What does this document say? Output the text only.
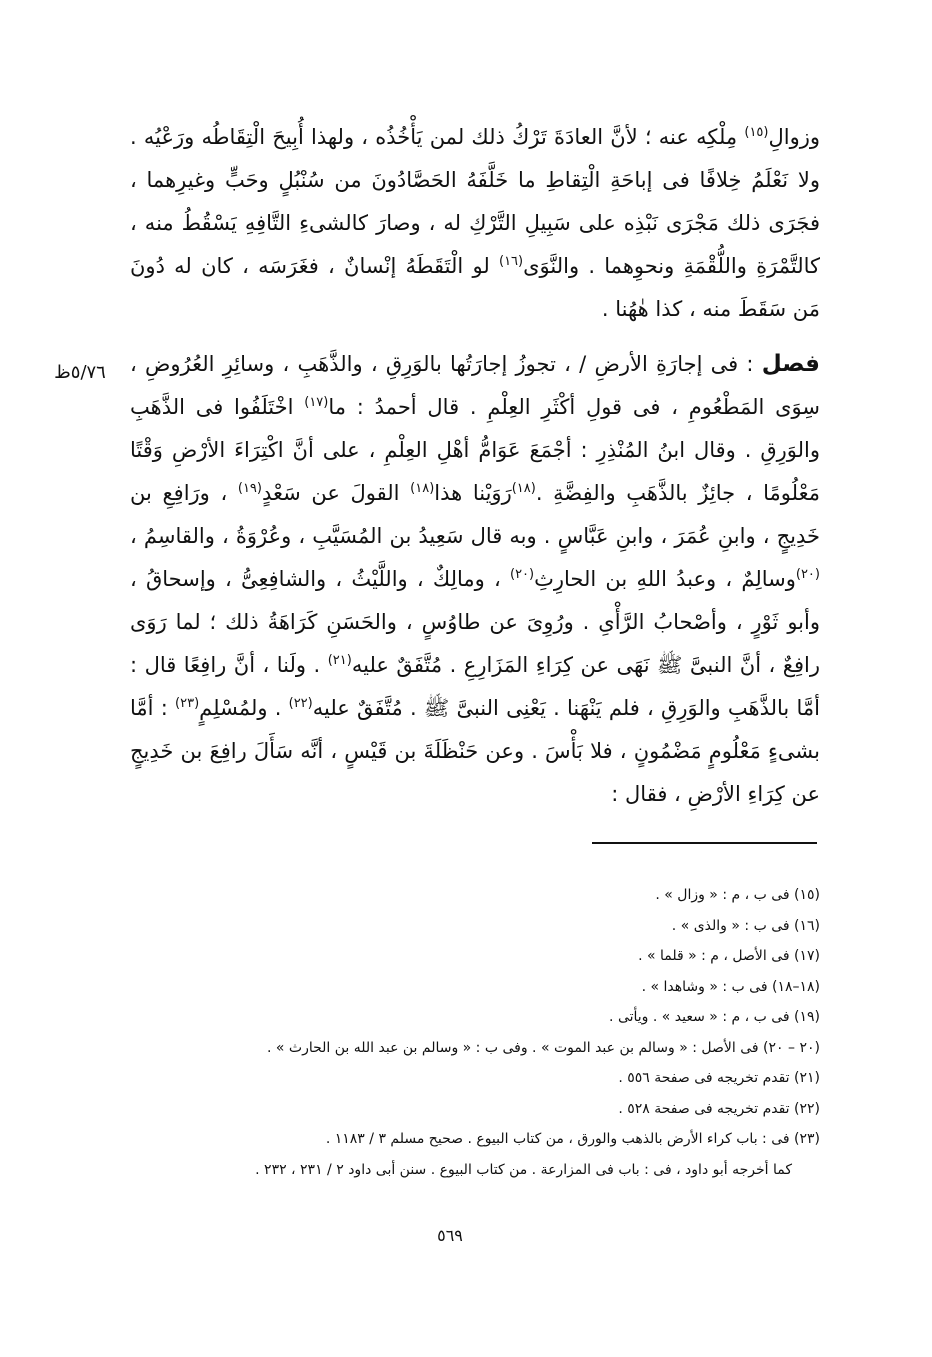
وزوالِ$^{(١٥)}$ مِلْكِه عنه ؛ لأنَّ العادَةَ تَرْكُ ذلك لمن يَأْخُذُه ، ولهذا أُبِيحَ الْتِقَاطُه ورَعْيُه . ولا نَعْلَمُ خِلافًا فى إباحَةِ الْتِقاطِ ما خَلَّفَهُ الحَصَّادُونَ من سُنْبُلٍ وحَبٍّ وغيرِهما ، فجَرَى ذلك مَجْرَى نَبْذِه على سَبِيلِ التَّرْكِ له ، وصارَ كالشىءِ التَّافِهِ يَسْقُطُ منه ، كالتَّمْرَةِ واللُّقْمَةِ ونحوِهما . والنَّوَى$^{(١٦)}$ لو الْتَقَطَهُ إنْسانٌ ، فغَرَسَه ، كان له دُونَ مَن سَقَطَ منه ، كذا هٰهُنا .

فصل : فى إجارَةِ الأرضِ / ، تجوزُ إجارَتُها بالوَرِقِ ، والذَّهَبِ ، وسائِرِ العُرُوضِ ، سِوَى المَطْعُومِ ، فى قولِ أكْثَرِ العِلْمِ . قال أحمدُ : ما$^{(١٧)}$ اخْتَلَفُوا فى الذَّهَبِ والوَرِقِ . وقال ابنُ المُنْذِرِ : أجْمَعَ عَوَامُّ أهْلِ العِلْمِ ، على أنَّ اكْتِرَاءَ الأرْضِ وَقْتًا مَعْلُومًا ، جائِزٌ بالذَّهَبِ والفِضَّةِ .$^{(١٨)}$رَوَيْنا هذا$^{(١٨)}$ القولَ عن سَعْدٍ$^{(١٩)}$ ، ورَافِعِ بن خَدِيجٍ ، وابنِ عُمَرَ ، وابنِ عَبَّاسٍ . وبه قال سَعِيدُ بن المُسَيَّبِ ، وعُرْوَةُ ، والقاسِمُ ، $^{(٢٠)}$وسالِمٌ ، وعبدُ اللهِ بن الحارِثِ$^{(٢٠)}$ ، ومالِكٌ ، واللَّيْثُ ، والشافِعِىُّ ، وإسحاقُ ، وأبو ثَوْرٍ ، وأصْحابُ الرَّأْىِ . ورُوِىَ عن طاوُسٍ ، والحَسَنِ كَرَاهَةُ ذلك ؛ لما رَوَى رافِعٌ ، أنَّ النبىَّ ﷺ نَهَى عن كِرَاءِ المَزَارِعِ . مُتَّفَقٌ عليه$^{(٢١)}$ . ولَنا ، أنَّ رافِعًا قال : أمَّا بالذَّهَبِ والوَرِقِ ، فلم يَنْهَنا . يَعْنِى النبىَّ ﷺ . مُتَّفَقٌ عليه$^{(٢٢)}$ . ولمُسْلِمٍ$^{(٢٣)}$ : أمَّا بشىءٍ مَعْلُومٍ مَضْمُونٍ ، فلا بَأْسَ . وعن حَنْظَلَةَ بن قَيْسٍ ، أنَّه سَأَلَ رافِعَ بن خَدِيجٍ عن كِرَاءِ الأرْضِ ، فقال :

٥/٧٦ظ
(١٥) فى ب ، م : « وزال » .
(١٦) فى ب : « والذى » .
(١٧) فى الأصل ، م : « قلما » .
(١٨–١٨) فى ب : « وشاهدا » .
(١٩) فى ب ، م : « سعيد » . ويأتى .
(٢٠ – ٢٠) فى الأصل : « وسالم بن عبد الموت » . وفى ب : « وسالم بن عبد الله بن الحارث » .
(٢١) تقدم تخريجه فى صفحة ٥٥٦ .
(٢٢) تقدم تخريجه فى صفحة ٥٢٨ .
(٢٣) فى : باب كراء الأرض بالذهب والورق ، من كتاب البيوع . صحيح مسلم ٣ / ١١٨٣ .
كما أخرجه أبو داود ، فى : باب فى المزارعة . من كتاب البيوع . سنن أبى داود ٢ / ٢٣١ ، ٢٣٢ .
٥٦٩
